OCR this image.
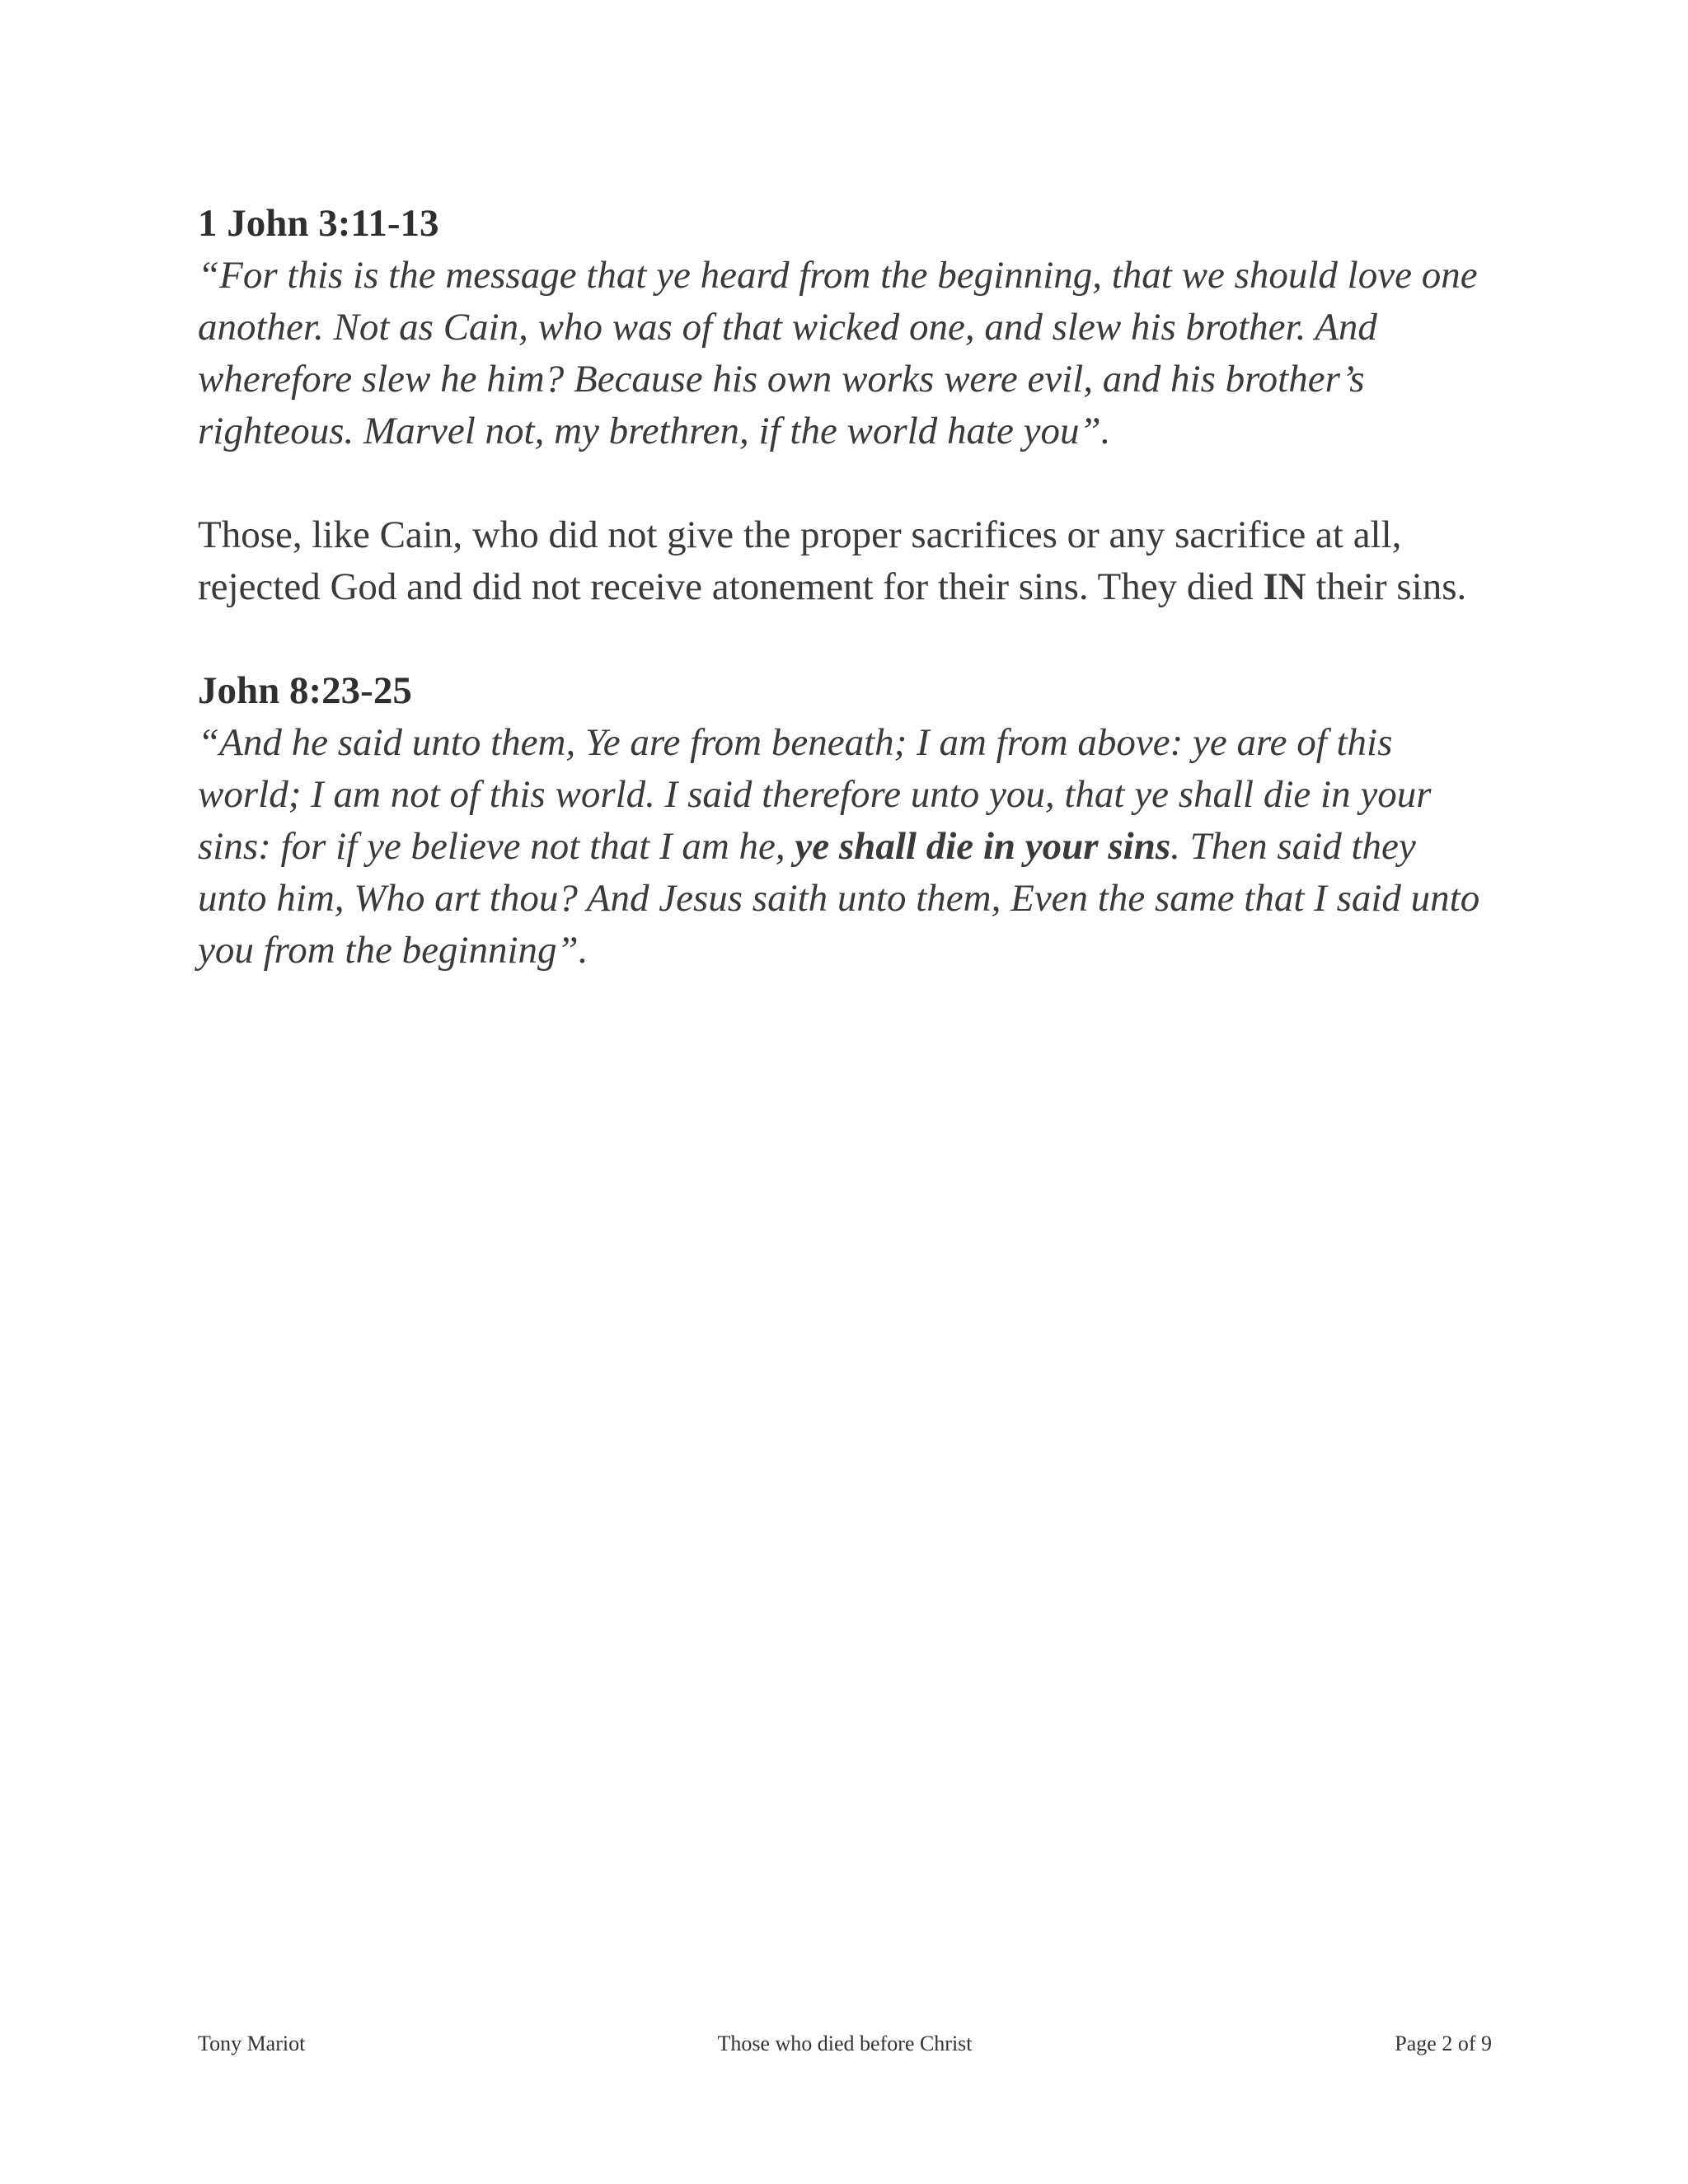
1 John 3:11-13

“For this is the message that ye heard from the beginning, that we should love one another. Not as Cain, who was of that wicked one, and slew his brother. And wherefore slew he him? Because his own works were evil, and his brother’s righteous. Marvel not, my brethren, if the world hate you”.

Those, like Cain, who did not give the proper sacrifices or any sacrifice at all, rejected God and did not receive atonement for their sins. They died IN their sins.

John 8:23-25

“And he said unto them, Ye are from beneath; I am from above: ye are of this world; I am not of this world. I said therefore unto you, that ye shall die in your sins: for if ye believe not that I am he, ye shall die in your sins. Then said they unto him, Who art thou? And Jesus saith unto them, Even the same that I said unto you from the beginning”.

Tony Mariot	Those who died before Christ	Page 2 of 9
